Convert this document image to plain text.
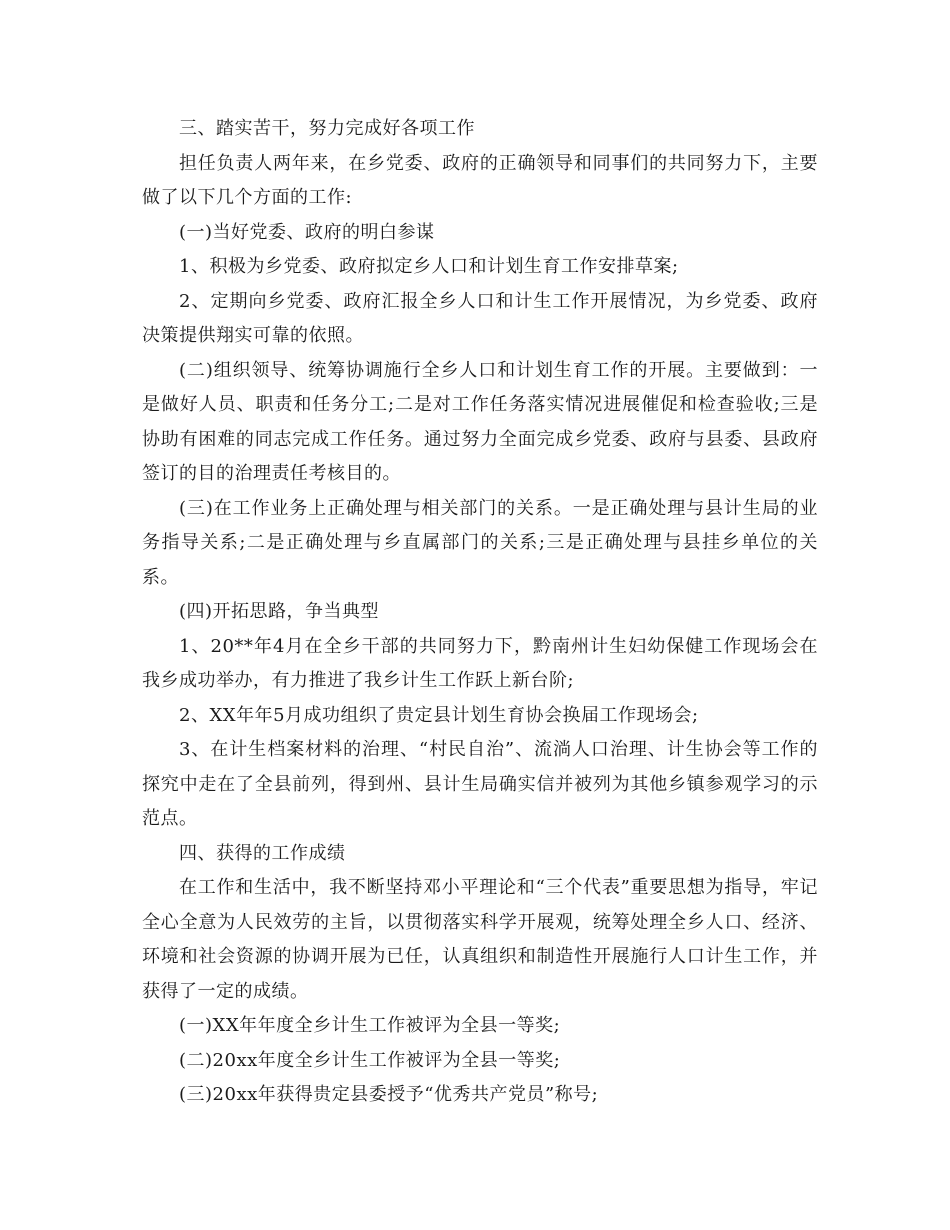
三、踏实苦干，努力完成好各项工作

担任负责人两年来，在乡党委、政府的正确领导和同事们的共同努力下，主要做了以下几个方面的工作:

(一)当好党委、政府的明白参谋

1、积极为乡党委、政府拟定乡人口和计划生育工作安排草案;

2、定期向乡党委、政府汇报全乡人口和计生工作开展情况，为乡党委、政府决策提供翔实可靠的依照。

(二)组织领导、统筹协调施行全乡人口和计划生育工作的开展。主要做到：一是做好人员、职责和任务分工;二是对工作任务落实情况进展催促和检查验收;三是协助有困难的同志完成工作任务。通过努力全面完成乡党委、政府与县委、县政府签订的目的治理责任考核目的。

(三)在工作业务上正确处理与相关部门的关系。一是正确处理与县计生局的业务指导关系;二是正确处理与乡直属部门的关系;三是正确处理与县挂乡单位的关系。

(四)开拓思路，争当典型

1、20**年4月在全乡干部的共同努力下，黔南州计生妇幼保健工作现场会在我乡成功举办，有力推进了我乡计生工作跃上新台阶;

2、XX年年5月成功组织了贵定县计划生育协会换届工作现场会;

3、在计生档案材料的治理、“村民自治”、流淌人口治理、计生协会等工作的探究中走在了全县前列，得到州、县计生局确实信并被列为其他乡镇参观学习的示范点。

四、获得的工作成绩

在工作和生活中，我不断坚持邓小平理论和“三个代表”重要思想为指导，牢记全心全意为人民效劳的主旨，以贯彻落实科学开展观，统筹处理全乡人口、经济、环境和社会资源的协调开展为已任，认真组织和制造性开展施行人口计生工作，并获得了一定的成绩。

(一)XX年年度全乡计生工作被评为全县一等奖;

(二)20xx年度全乡计生工作被评为全县一等奖;

(三)20xx年获得贵定县委授予“优秀共产党员”称号;
